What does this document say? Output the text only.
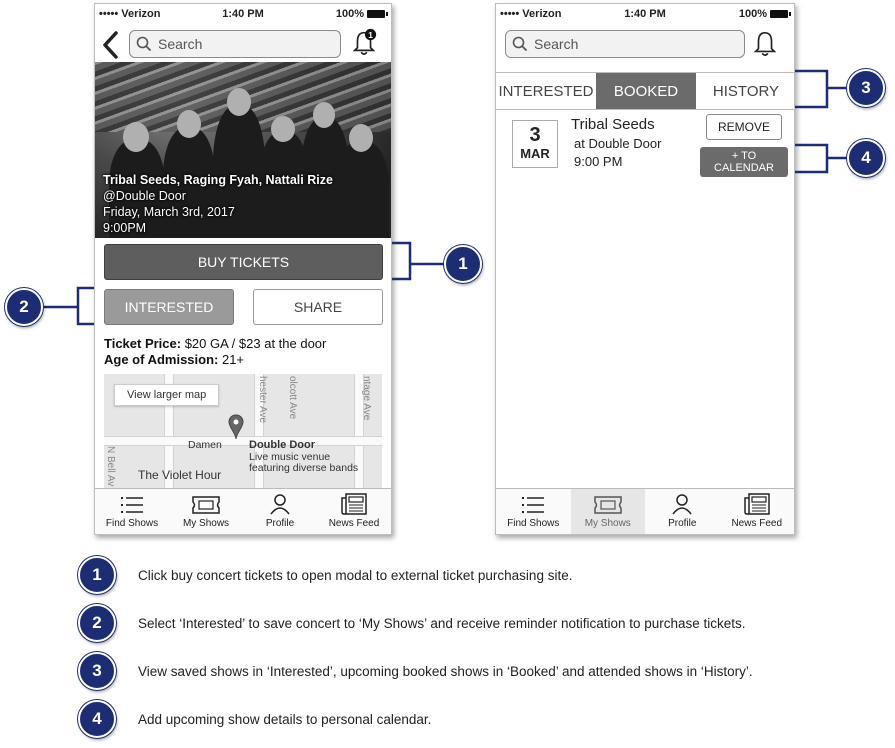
••••• Verizon	1:40 PM	100%
Search
1
Tribal Seeds, Raging Fyah, Nattali Rize
@Double Door
Friday, March 3rd, 2017
9:00PM
BUY TICKETS
INTERESTED	SHARE
Ticket Price: $20 GA / $23 at the door
Age of Admission: 21+
hester Ave olcott Ave	ntage Ave
N Bell Av
View larger map
Damen Double Door
Live music venue
featuring diverse bands
The Violet Hour
Find Shows My Shows	Profile	News Feed
••••• Verizon	1:40 PM	100%
Search
INTERESTED	BOOKED	HISTORY
3
MAR
Tribal Seeds
at Double Door
9:00 PM
REMOVE
+ TO
CALENDAR
Find Shows	My Shows	Profile	News Feed
1
2
3
4
1	Click buy concert tickets to open modal to external ticket purchasing site.
2	Select ‘Interested’ to save concert to ‘My Shows’ and receive reminder notification to purchase tickets.
3	View saved shows in ‘Interested’, upcoming booked shows in ‘Booked’ and attended shows in ‘History’.
4	Add upcoming show details to personal calendar.
